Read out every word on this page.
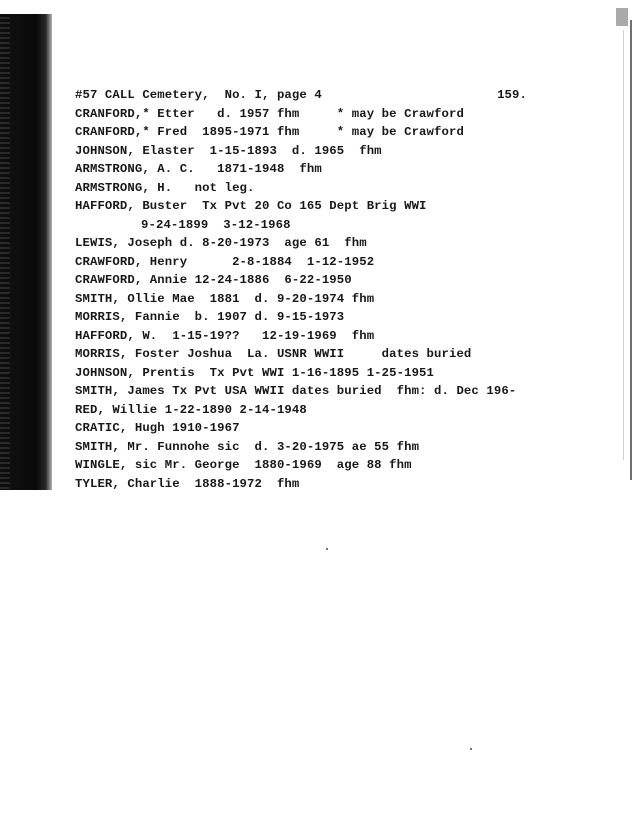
#57 CALL Cemetery,  No. I, page 4	159.
CRANFORD,* Etter   d. 1957 fhm     * may be Crawford
CRANFORD,* Fred  1895-1971 fhm     * may be Crawford
JOHNSON, Elaster  1-15-1893  d. 1965  fhm
ARMSTRONG, A. C.   1871-1948  fhm
ARMSTRONG, H.   not leg.
HAFFORD, Buster  Tx Pvt 20 Co 165 Dept Brig WWI
9-24-1899  3-12-1968
LEWIS, Joseph d. 8-20-1973  age 61  fhm
CRAWFORD, Henry      2-8-1884  1-12-1952
CRAWFORD, Annie 12-24-1886  6-22-1950
SMITH, Ollie Mae  1881  d. 9-20-1974 fhm
MORRIS, Fannie  b. 1907 d. 9-15-1973
HAFFORD, W.  1-15-19??   12-19-1969  fhm
MORRIS, Foster Joshua  La. USNR WWII     dates buried
JOHNSON, Prentis  Tx Pvt WWI 1-16-1895 1-25-1951
SMITH, James Tx Pvt USA WWII dates buried  fhm: d. Dec 196-
RED, Willie 1-22-1890 2-14-1948
CRATIC, Hugh 1910-1967
SMITH, Mr. Funnohe sic  d. 3-20-1975 ae 55 fhm
WINGLE, sic Mr. George  1880-1969  age 88 fhm
TYLER, Charlie  1888-1972  fhm
